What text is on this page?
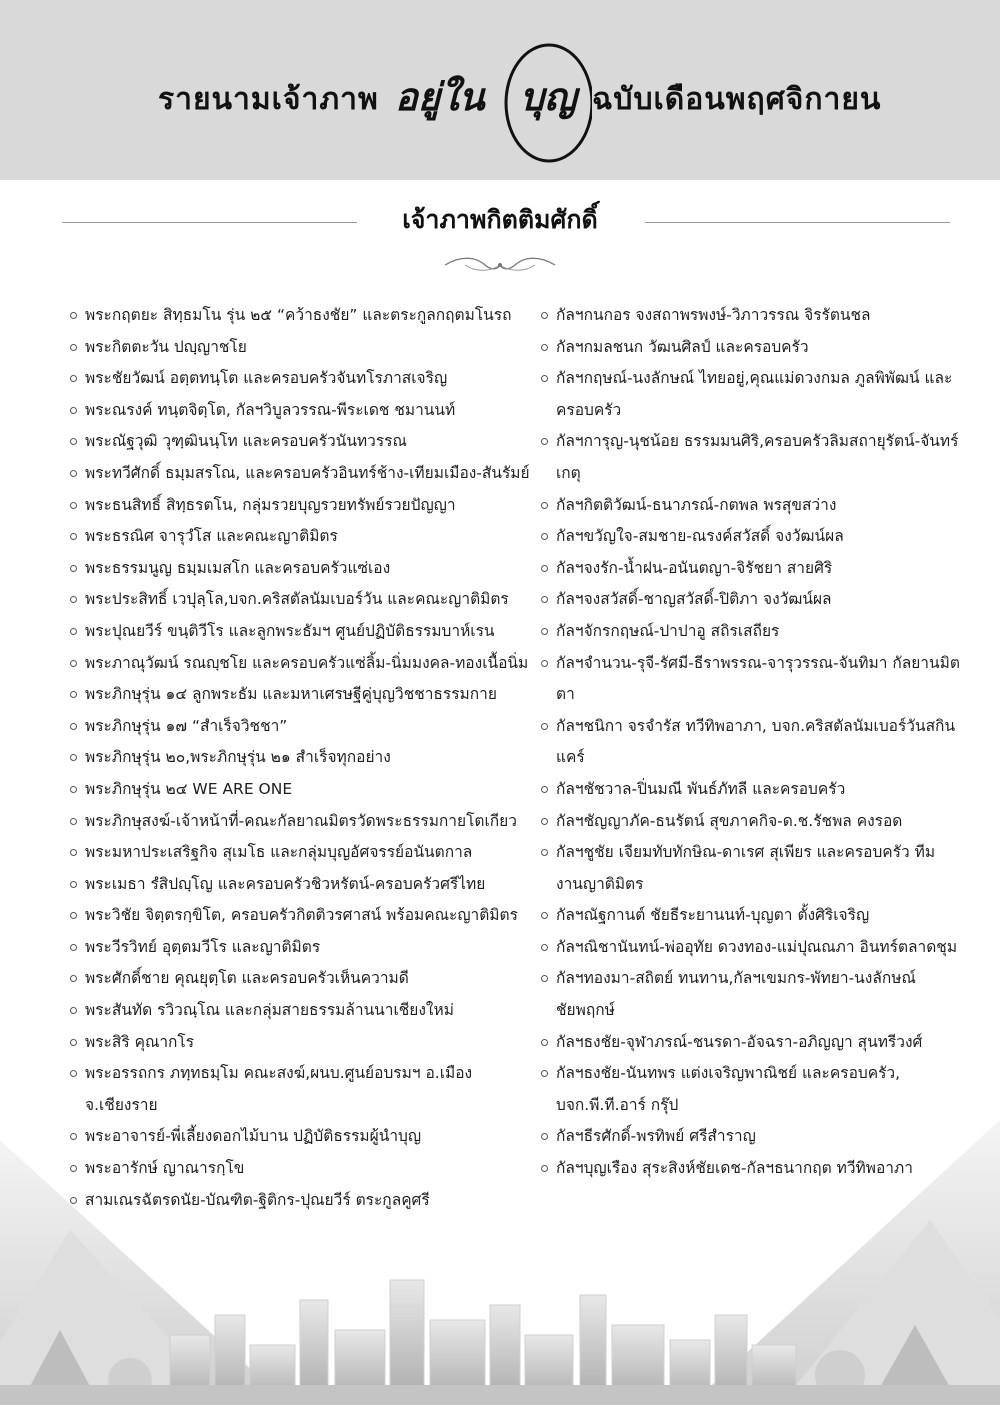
รายนามเจ้าภาพ อยู่ใน บุญ ฉบับเดือนพฤศจิกายน
เจ้าภาพกิตติมศักดิ์
พระกฤตยะ สิทฺธมโน รุ่น ๒๕ “คว้าธงชัย” และตระกูลกฤตมโนรถ
พระกิตตะวัน ปญฺญาชโย
พระชัยวัฒน์ อตฺตทนฺโต และครอบครัวจันทโรภาสเจริญ
พระณรงค์ ทนฺตจิตฺโต, กัลฯวิบูลวรรณ-พีระเดช ชมานนท์
พระณัฐวุฒิ วุฑฺฒินนฺโท และครอบครัวนันทวรรณ
พระทวีศักดิ์ ธมฺมสรโณ, และครอบครัวอินทร์ช้าง-เทียมเมือง-สันรัมย์
พระธนสิทธิ์ สิทฺธรตโน, กลุ่มรวยบุญรวยทรัพย์รวยปัญญา
พระธรณิศ จารุวํโส และคณะญาติมิตร
พระธรรมนูญ ธมฺมเมสโก และครอบครัวแซ่เอง
พระประสิทธิ์ เวปุลฺโล,บจก.คริสตัลนัมเบอร์วัน และคณะญาติมิตร
พระปุณยวีร์ ขนฺติวีโร และลูกพระธัมฯ ศูนย์ปฏิบัติธรรมบาห์เรน
พระภาณุวัฒน์ รณญฺชโย และครอบครัวแซ่ลิ้ม-นิ่มมงคล-ทองเนื้อนิ่ม
พระภิกษุรุ่น ๑๔ ลูกพระธัม และมหาเศรษฐีคู่บุญวิชชาธรรมกาย
พระภิกษุรุ่น ๑๗ “สำเร็จวิชชา”
พระภิกษุรุ่น ๒๐,พระภิกษุรุ่น ๒๑ สำเร็จทุกอย่าง
พระภิกษุรุ่น ๒๔ WE ARE ONE
พระภิกษุสงฆ์-เจ้าหน้าที่-คณะกัลยาณมิตรวัดพระธรรมกายโตเกียว
พระมหาประเสริฐกิจ สุเมโธ และกลุ่มบุญอัศจรรย์อนันตกาล
พระเมธา รํสิปญฺโญ และครอบครัวชิวหรัตน์-ครอบครัวศรีไทย
พระวิชัย จิตฺตรกฺขิโต, ครอบครัวกิตติวรศาสน์ พร้อมคณะญาติมิตร
พระวีรวิทย์ อุตฺตมวีโร และญาติมิตร
พระศักดิ์ชาย คุณยุตฺโต และครอบครัวเห็นความดี
พระสันทัด รวิวณฺโณ และกลุ่มสายธรรมล้านนาเชียงใหม่
พระสิริ คุณากโร
พระอรรถกร ภทฺทธมฺโม คณะสงฆ์,ผนบ.ศูนย์อบรมฯ อ.เมือง จ.เชียงราย
พระอาจารย์-พี่เลี้ยงดอกไม้บาน ปฏิบัติธรรมผู้นำบุญ
พระอารักษ์ ญาณารกฺโข
สามเณรฉัตรดนัย-บัณฑิต-ฐิติกร-ปุณยวีร์ ตระกูลคูศรี
กัลฯกนกอร จงสถาพรพงษ์-วิภาวรรณ จิรรัตนชล
กัลฯกมลชนก วัฒนศิลป์ และครอบครัว
กัลฯกฤษณ์-นงลักษณ์ ไทยอยู่,คุณแม่ดวงกมล ภูลพิพัฒน์ และครอบครัว
กัลฯการุญ-นุชน้อย ธรรมมนศิริ,ครอบครัวลิมสถายุรัตน์-จันทร์เกตุ
กัลฯกิตติวัฒน์-ธนาภรณ์-กตพล พรสุขสว่าง
กัลฯขวัญใจ-สมชาย-ณรงค์สวัสดิ์ จงวัฒน์ผล
กัลฯจงรัก-น้ำฝน-อนันตญา-จิรัชยา สายศิริ
กัลฯจงสวัสดิ์-ชาญสวัสดิ์-ปิติภา จงวัฒน์ผล
กัลฯจักรกฤษณ์-ปาปาอู สถิรเสถียร
กัลฯจำนวน-รุจี-รัศมี-ธีราพรรณ-จารุวรรณ-จันทิมา กัลยานมิตตา
กัลฯชนิกา จรจำรัส ทวีทิพอาภา, บจก.คริสตัลนัมเบอร์วันสกินแคร์
กัลฯชัชวาล-ปิ่นมณี พันธ์ภัทลี และครอบครัว
กัลฯชัญญาภัค-ธนรัตน์ สุขภาคกิจ-ด.ช.รัชพล คงรอด
กัลฯชูชัย เจียมทับทักษิณ-ดาเรศ สุเพียร และครอบครัว ทีมงานญาติมิตร
กัลฯณัฐกานต์ ชัยธีระยานนท์-บุญตา ตั้งศิริเจริญ
กัลฯณิชานันทน์-พ่ออุทัย ดวงทอง-แม่ปุณณภา อินทร์ตลาดชุม
กัลฯทองมา-สถิตย์ ทนทาน,กัลฯเขมกร-พัทยา-นงลักษณ์ ชัยพฤกษ์
กัลฯธงชัย-จุฬาภรณ์-ชนรดา-อัจฉรา-อภิญญา สุนทรีวงศ์
กัลฯธงชัย-นันทพร แต่งเจริญพาณิชย์ และครอบครัว, บจก.พี.ที.อาร์ กรุ๊ป
กัลฯธีรศักดิ์-พรทิพย์ ศรีสำราญ
กัลฯบุญเรือง สุระสิงห์ชัยเดช-กัลฯธนากฤต ทวีทิพอาภา
